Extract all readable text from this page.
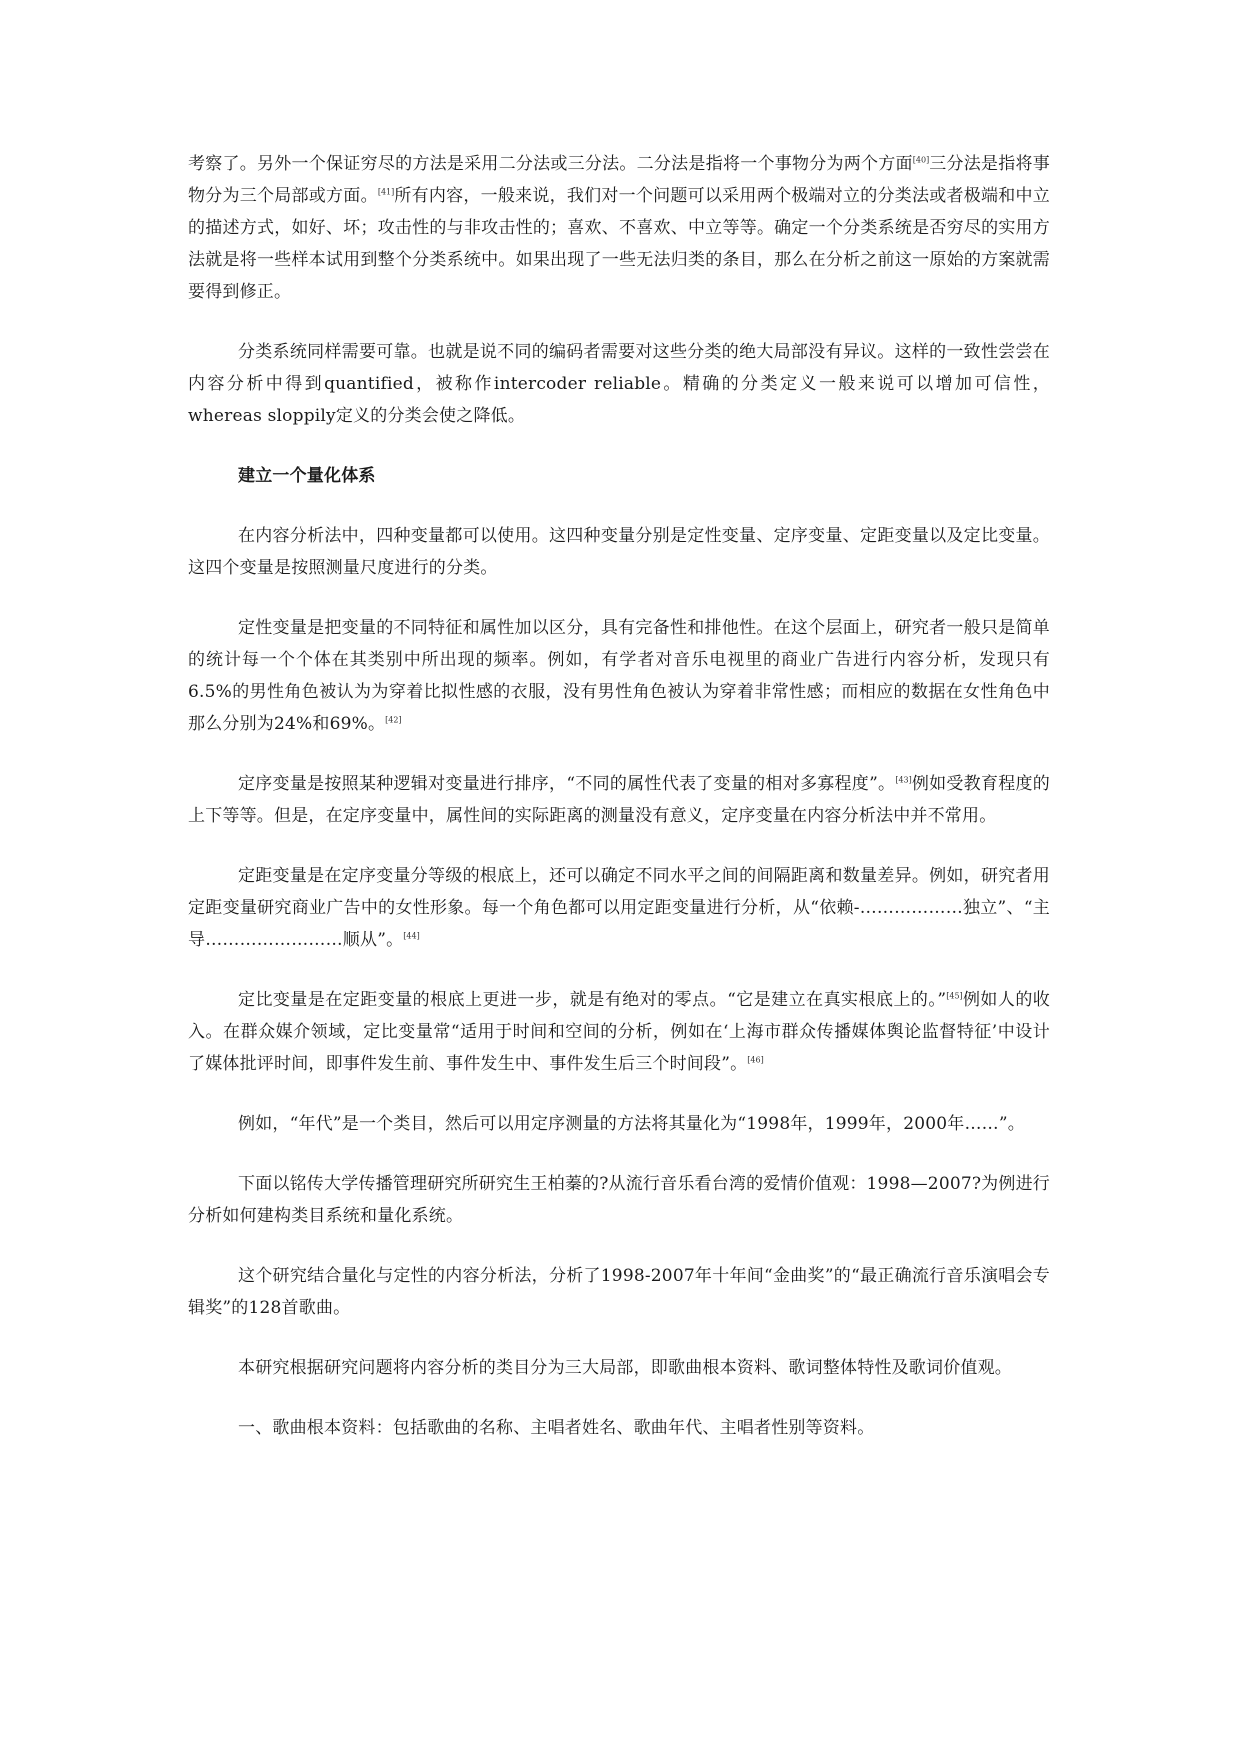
考察了。另外一个保证穷尽的方法是采用二分法或三分法。二分法是指将一个事物分为两个方面[40]三分法是指将事物分为三个局部或方面。[41]所有内容，一般来说，我们对一个问题可以采用两个极端对立的分类法或者极端和中立的描述方式，如好、坏；攻击性的与非攻击性的；喜欢、不喜欢、中立等等。确定一个分类系统是否穷尽的实用方法就是将一些样本试用到整个分类系统中。如果出现了一些无法归类的条目，那么在分析之前这一原始的方案就需要得到修正。

分类系统同样需要可靠。也就是说不同的编码者需要对这些分类的绝大局部没有异议。这样的一致性尝尝在内容分析中得到quantified，被称作intercoder reliable。精确的分类定义一般来说可以增加可信性，whereas sloppily定义的分类会使之降低。

建立一个量化体系

在内容分析法中，四种变量都可以使用。这四种变量分别是定性变量、定序变量、定距变量以及定比变量。这四个变量是按照测量尺度进行的分类。

定性变量是把变量的不同特征和属性加以区分，具有完备性和排他性。在这个层面上，研究者一般只是简单的统计每一个个体在其类别中所出现的频率。例如，有学者对音乐电视里的商业广告进行内容分析，发现只有6.5%的男性角色被认为为穿着比拟性感的衣服，没有男性角色被认为穿着非常性感；而相应的数据在女性角色中那么分别为24%和69%。[42]

定序变量是按照某种逻辑对变量进行排序，“不同的属性代表了变量的相对多寡程度”。[43]例如受教育程度的上下等等。但是，在定序变量中，属性间的实际距离的测量没有意义，定序变量在内容分析法中并不常用。

定距变量是在定序变量分等级的根底上，还可以确定不同水平之间的间隔距离和数量差异。例如，研究者用定距变量研究商业广告中的女性形象。每一个角色都可以用定距变量进行分析，从“依赖-………………独立”、“主导……………………顺从”。[44]

定比变量是在定距变量的根底上更进一步，就是有绝对的零点。“它是建立在真实根底上的。”[45]例如人的收入。在群众媒介领域，定比变量常“适用于时间和空间的分析，例如在‘上海市群众传播媒体舆论监督特征’中设计了媒体批评时间，即事件发生前、事件发生中、事件发生后三个时间段”。[46]

例如，“年代”是一个类目，然后可以用定序测量的方法将其量化为“1998年，1999年，2000年……”。

下面以铭传大学传播管理研究所研究生王柏蓁的?从流行音乐看台湾的爱情价值观：1998—2007?为例进行分析如何建构类目系统和量化系统。

这个研究结合量化与定性的内容分析法，分析了1998-2007年十年间“金曲奖”的“最正确流行音乐演唱会专辑奖”的128首歌曲。

本研究根据研究问题将内容分析的类目分为三大局部，即歌曲根本资料、歌词整体特性及歌词价值观。

一、歌曲根本资料：包括歌曲的名称、主唱者姓名、歌曲年代、主唱者性别等资料。
